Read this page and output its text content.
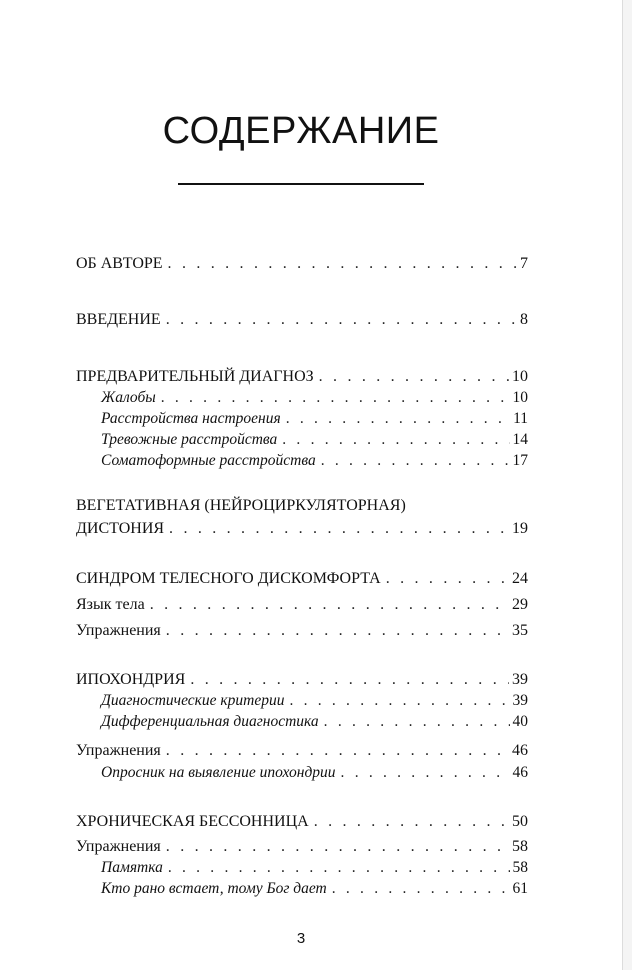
СОДЕРЖАНИЕ
ОБ АВТОРЕ . . .	7
ВВЕДЕНИЕ . . .	8
ПРЕДВАРИТЕЛЬНЫЙ ДИАГНОЗ . . .	10
Жалобы . . .	10
Расстройства настроения . . .	11
Тревожные расстройства . . .	14
Соматоформные расстройства . . .	17
ВЕГЕТАТИВНАЯ (НЕЙРОЦИРКУЛЯТОРНАЯ)
ДИСТОНИЯ . . .	19
СИНДРОМ ТЕЛЕСНОГО ДИСКОМФОРТА . . .	24
Язык тела . . .	29
Упражнения . . .	35
ИПОХОНДРИЯ . . .	39
Диагностические критерии . . .	39
Дифференциальная диагностика . . .	40
Упражнения . . .	46
Опросник на выявление ипохондрии . . .	46
ХРОНИЧЕСКАЯ БЕССОННИЦА . . .	50
Упражнения . . .	58
Памятка . . .	58
Кто рано встает, тому Бог дает . . .	61
3
